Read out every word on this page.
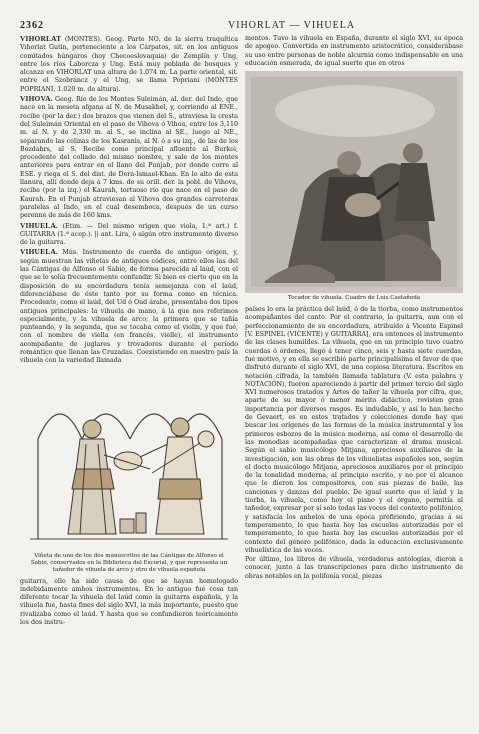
2362	VIHORLAT — VIHUELA

VIHORLAT (MONTES). Geog. Parte NO. de la sierra traquítica Vihorlat Gutín, perteneciente a los Cárpatos, sit. en los antiguos comitados húngaros (hoy Checoeslovaquia) de Zemplín y Ung, entre los ríos Laborcza y Ung. Está muy poblada de bosques y alcanza en VIHORLAT una altura de 1.074 m. La parte oriental, sit. entre el Szobráncz y el Ung, se llama Popriani (MONTES POPRIANI, 1.020 m. de altura).

VIHOVA. Geog. Río de los Montes Suleimán, al. der. del Indo, que nace en la meseta afgana al N. de Musakhel, y, corriendo al ENE., recibe (por la der.) dos brazos que vienen del S., atraviesa la cresta del Suleimán Oriental en el paso de Vihova ó Vihoa, entre los 3,110 m. al N. y de 2,330 m. al S., se inclina al SE., luego al NE., separando las colinas de los Kasranis, al N. ó a su izq., de las de los Bozdahrs, al S. Recibe como principal afluente al Burkoi, procedente del collado del mismo nombre, y sale de los montes anteriores para entrar en el llano del Punjab, por donde corre al ESE. y riega el S. del dist. de Dera-Ismael-Khan. En lo alto de esta llanura, allí donde deja á 7 kms. de su orill. der. la pobl. de Vihova, recibe (por la izq.) el Kaurah, tortuoso río que nace en el paso de Kaurah. En el Punjab atraviesan al Vihova dos grandes carreteras paralelas al Indo, en el cual desemboca, después de un curso perenne de más de 160 kms.

VIHUELA. (Etim. — Del mismo origen que viola, 1.ª art.) f. GUITARRA (1.ª acep.). || ant. Lira, ó algún otro instrumento diverso de la guitarra.

VIHUELA. Mús. Instrumento de cuerda de antiguo origen, y, según muestran las viñetas de antiguos códices, entre ellos las del las Cántigas de Alfonso el Sabio, de forma parecida al laúd, con el que se le solía frecuentemente confundir. Si bien es cierto que en la disposición de su encordadura tenía semejanza con el laúd, diferenciábase de éste tanto por su forma como en técnica. Procedente, como el laúd, del Ud ó Oud árabe, presentaba dos tipos antiguos principales: la vihuela de mano, á la que nos referimos especialmente, y la vihuela de arco; la primera que se tañía punteando, y la segunda, que se tocaba como el violín, y que fué, con el nombre de viella (en francés, vielle), el instrumento acompañante de juglares y trovadores durante el período romántico que llenan las Cruzadas. Coexistiendo en nuestro país la vihuela con la variedad llamada

Viñeta de uno de los dos manuscritos de las Cántigas de Alfonso el Sabio, conservados en la Biblioteca del Escorial, y que representa un tañedor de vihuela de arco y otro de vihuela española

guitarra, ello ha sido causa de que se hayan homologado indebidamente ambos instrumentos. En lo antiguo fué cosa tan diferente tocar la vihuela del laúd como la guitarra española, y la vihuela fué, hasta fines del siglo XVI, la más importante, puesto que rivalizaba como el laúd. Y hasta que se confundieron teóricamente los dos instru-

mentos. Tuvo la vihuela en España, durante el siglo XVI, su época de apogeo. Convertida en instrumento aristocrático, considerábase su uso entre personas de noble alcurnia como indispensable en una educación esmerada, de igual suerte que en otros

Tocador de vihuela. Cuadro de Luis Castañeda

países lo era la práctica del laúd, ó de la tiorba, como instrumentos acompañantes del canto. Por el contrario, la guitarra, aun con el perfeccionamiento de su encordadura, atribuído á Vicente Espinel [V. ESPINEL (VICENTE) y GUITARRA], era entonces el instrumento de las clases humildes. La vihuela, que en un principio tuvo cuatro cuerdas ó órdenes, llegó á tener cinco, seis y hasta siete cuerdas, fué motivo, y en ella se escribió parte principalísima el favor de que disfrutó durante el siglo XVI, de una copiosa literatura. Escritos en notación cifrada, la también llamada tablatura (V. esta palabra y NOTACIÓN), fueron apareciendo á partir del primer tercio del siglo XVI numerosos tratados y Artes de tañer la vihuela por cifra, que, aparte de su mayor ó menor mérito didáctico, revisten gran importancia por diversos rasgos. Es indudable, y así lo han hecho de Gevaert, es en estos tratados y colecciones donde hay que buscar los orígenes de las formas de la música instrumental y los primeros esbozos de la música moderna, así como el desarrollo de las monodias acompañadas que caracterizan el drama musical. Según el sabio musicólogo Mitjana, apreciosos auxiliares de la investigación, son las obras de los vihuelistas españoles son, según el docto musicólogo Mitjana, apreciosos auxiliares por el principio de la tonalidad moderna, al principio escrito, y no por el alcance que le dieron los compositores, con sus piezas de baile, las canciones y danzas del pueblo. De igual suerte que el laúd y la tiorba, la vihuela, como hoy el piano y el órgano, permitía al tañedor, expresar por sí solo todas las voces del contexto polifónico, y satisfacía los anhelos de una época prefiriendo, gracias á su temperamento, lo que hasta hoy las escuelas autorizadas por el temperamento, lo que hasta hoy las escuelas autorizadas por el contexto del género polifónico, dada la educación exclusivamente vihuelística de las voces.

Por último, los libros de vihuela, verdaderas antologías, dieron a conocer, junto á las transcripciones para dicho instrumento de obras notables en la polifonía vocal, piezas
